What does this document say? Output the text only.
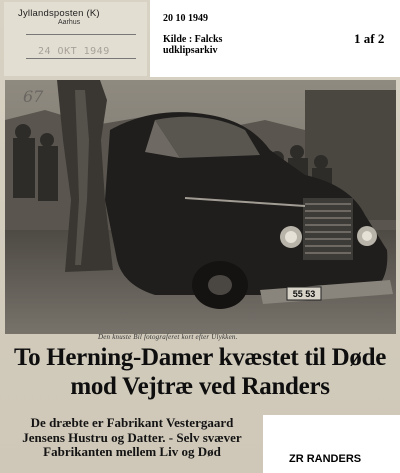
Jyllandsposten (K)
Aarhus
24 OKT 1949
20 10 1949
Kilde : Falcks udklipsarkiv
1 af 2
55 53
67
Den knuste Bil fotograferet kort efter Ulykken.
To Herning-Damer kvæstet til Døde
mod Vejtræ ved Randers
De dræbte er Fabrikant Vestergaard
Jensens Hustru og Datter. - Selv svæver
Fabrikanten mellem Liv og Død	ZR RANDERS
